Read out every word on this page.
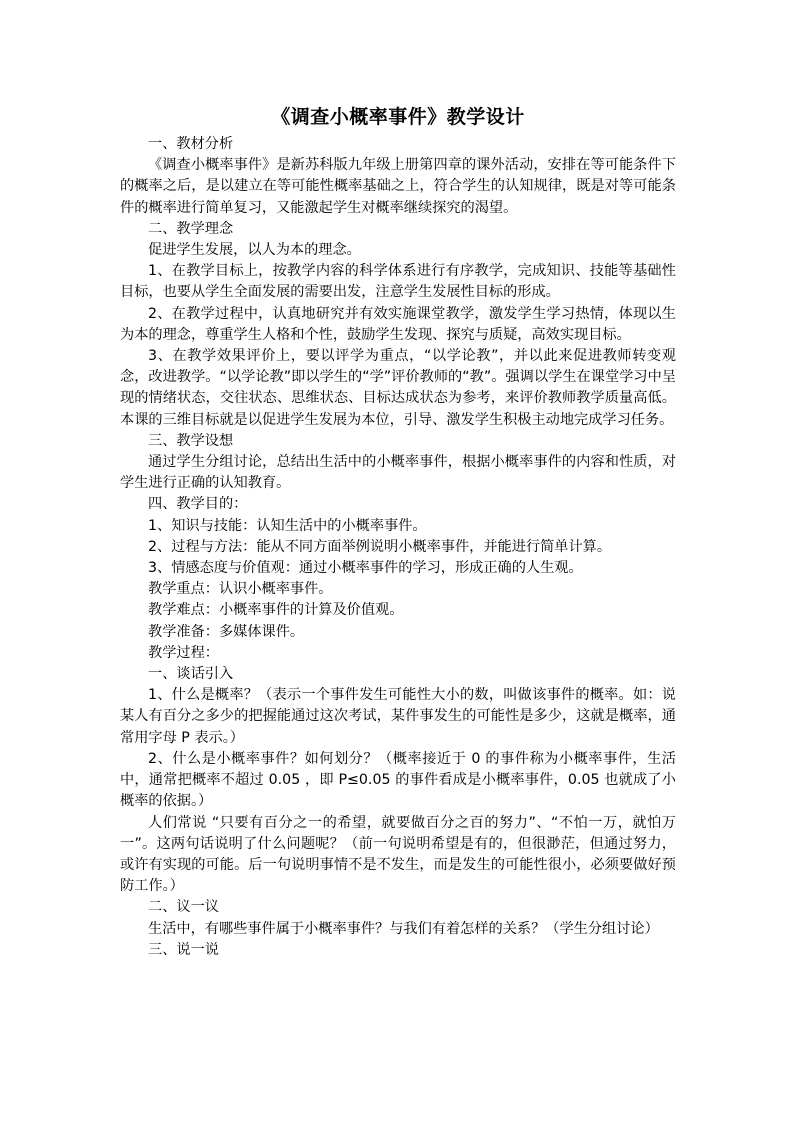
《调查小概率事件》教学设计

一、教材分析

《调查小概率事件》是新苏科版九年级上册第四章的课外活动，安排在等可能条件下的概率之后，是以建立在等可能性概率基础之上，符合学生的认知规律，既是对等可能条件的概率进行简单复习，又能激起学生对概率继续探究的渴望。

二、教学理念

促进学生发展，以人为本的理念。

1、在教学目标上，按教学内容的科学体系进行有序教学，完成知识、技能等基础性目标，也要从学生全面发展的需要出发，注意学生发展性目标的形成。

2、在教学过程中，认真地研究并有效实施课堂教学，激发学生学习热情，体现以生为本的理念，尊重学生人格和个性，鼓励学生发现、探究与质疑，高效实现目标。

3、在教学效果评价上，要以评学为重点，“以学论教”，并以此来促进教师转变观念，改进教学。“以学论教”即以学生的“学”评价教师的“教”。强调以学生在课堂学习中呈现的情绪状态，交往状态、思维状态、目标达成状态为参考，来评价教师教学质量高低。本课的三维目标就是以促进学生发展为本位，引导、激发学生积极主动地完成学习任务。

三、教学设想

通过学生分组讨论，总结出生活中的小概率事件，根据小概率事件的内容和性质，对学生进行正确的认知教育。

四、教学目的：

1、知识与技能：认知生活中的小概率事件。

2、过程与方法：能从不同方面举例说明小概率事件，并能进行简单计算。

3、情感态度与价值观：通过小概率事件的学习，形成正确的人生观。

教学重点：认识小概率事件。

教学难点：小概率事件的计算及价值观。

教学准备：多媒体课件。

教学过程：

一、谈话引入

1、什么是概率？（表示一个事件发生可能性大小的数，叫做该事件的概率。如：说某人有百分之多少的把握能通过这次考试，某件事发生的可能性是多少，这就是概率，通常用字母 P 表示。）

2、什么是小概率事件？如何划分？（概率接近于 0 的事件称为小概率事件，生活中，通常把概率不超过 0.05 ，即 P≤0.05 的事件看成是小概率事件，0.05 也就成了小概率的依据。）

人们常说 “只要有百分之一的希望，就要做百分之百的努力”、“不怕一万，就怕万一”。这两句话说明了什么问题呢？（前一句说明希望是有的，但很渺茫，但通过努力，或许有实现的可能。后一句说明事情不是不发生，而是发生的可能性很小，必须要做好预防工作。）

二、议一议

生活中，有哪些事件属于小概率事件？与我们有着怎样的关系？（学生分组讨论）

三、说一说
